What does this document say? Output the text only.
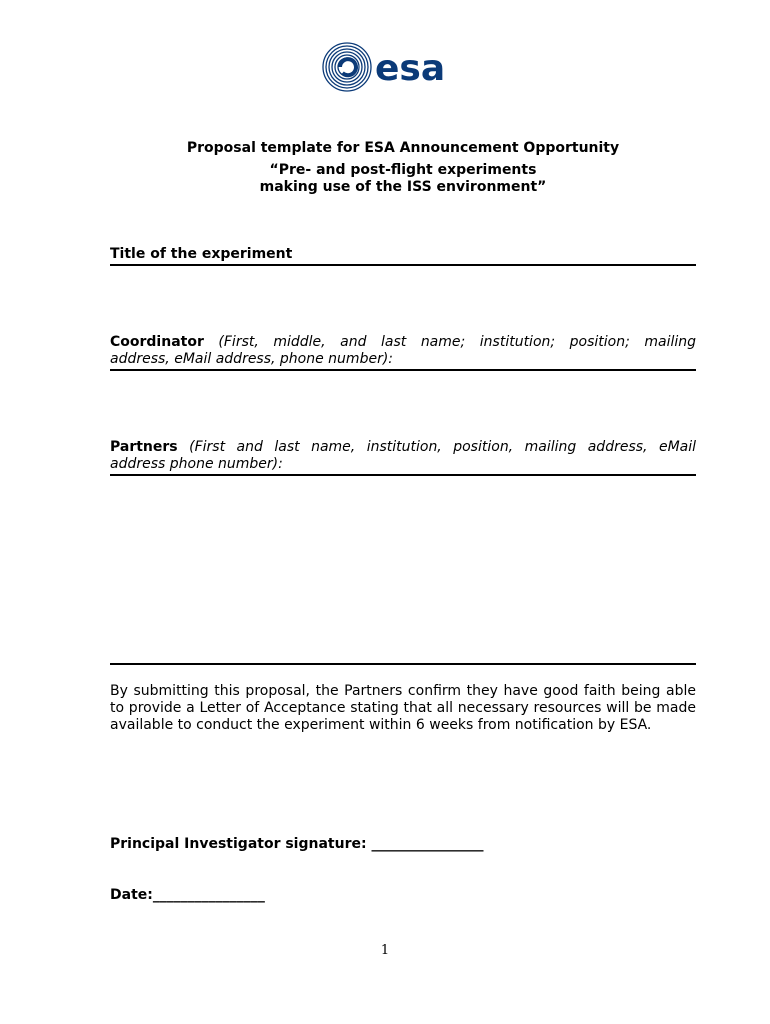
esa
Proposal template for ESA Announcement Opportunity
“Pre- and post-flight experiments
making use of the ISS environment”
Title of the experiment
Coordinator (First, middle, and last name; institution; position; mailing
address, eMail address, phone number):
Partners (First and last name, institution, position, mailing address, eMail
address phone number):
By submitting this proposal, the Partners confirm they have good faith being able to provide a Letter of Acceptance stating that all necessary resources will be made available to conduct the experiment within 6 weeks from notification by ESA.
Principal Investigator signature: ________________
Date:________________
1
